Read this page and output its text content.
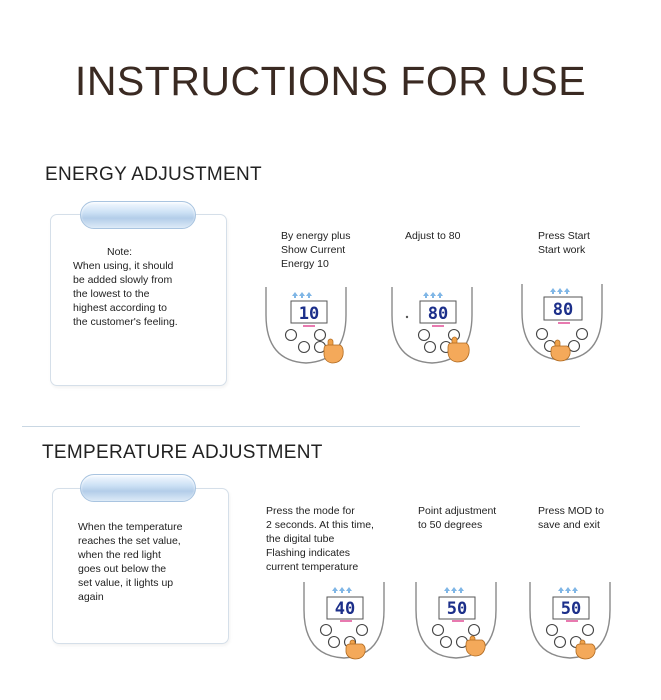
INSTRUCTIONS FOR USE
ENERGY ADJUSTMENT
Note:
When using, it should
be added slowly from
the lowest to the
highest according to
the customer's feeling.
By energy plus
Show Current
Energy 10
Adjust to 80	Press Start
Start work
10	80	80
TEMPERATURE ADJUSTMENT
When the temperature
reaches the set value,
when the red light
goes out below the
set value, it lights up
again
Press the mode for
2 seconds. At this time,
the digital tube
Flashing indicates
current temperature
Point adjustment
to 50 degrees
Press MOD to
save and exit
40	50	50
